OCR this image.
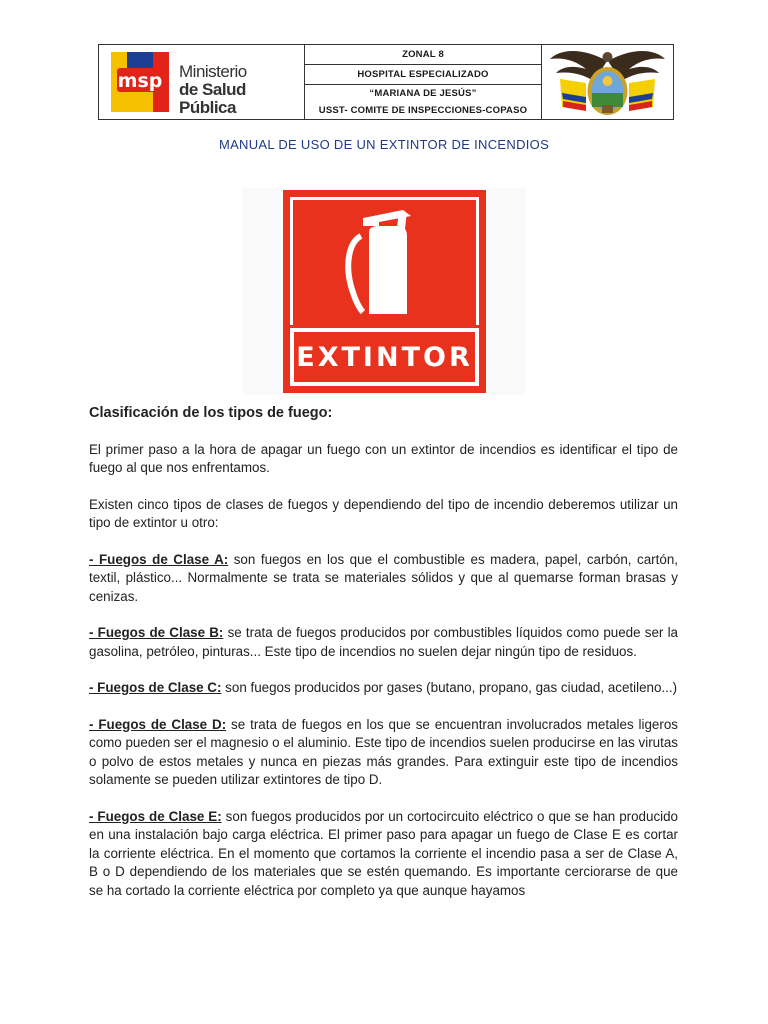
msp Ministerio
de Salud Pública
ZONAL 8
HOSPITAL ESPECIALIZADO
“MARIANA DE JESÚS”
USST- COMITE DE INSPECCIONES-COPASO
MANUAL DE USO DE UN EXTINTOR DE INCENDIOS
EXTINTOR

Clasificación de los tipos de fuego:

El primer paso a la hora de apagar un fuego con un extintor de incendios es identificar el tipo de fuego al que nos enfrentamos.

Existen cinco tipos de clases de fuegos y dependiendo del tipo de incendio deberemos utilizar un tipo de extintor u otro:

- Fuegos de Clase A: son fuegos en los que el combustible es madera, papel, carbón, cartón, textil, plástico... Normalmente se trata se materiales sólidos y que al quemarse forman brasas y cenizas.

- Fuegos de Clase B: se trata de fuegos producidos por combustibles líquidos como puede ser la gasolina, petróleo, pinturas... Este tipo de incendios no suelen dejar ningún tipo de residuos.

- Fuegos de Clase C: son fuegos producidos por gases (butano, propano, gas ciudad, acetileno...)

- Fuegos de Clase D: se trata de fuegos en los que se encuentran involucrados metales ligeros como pueden ser el magnesio o el aluminio. Este tipo de incendios suelen producirse en las virutas o polvo de estos metales y nunca en piezas más grandes. Para extinguir este tipo de incendios solamente se pueden utilizar extintores de tipo D.

- Fuegos de Clase E: son fuegos producidos por un cortocircuito eléctrico o que se han producido en una instalación bajo carga eléctrica. El primer paso para apagar un fuego de Clase E es cortar la corriente eléctrica. En el momento que cortamos la corriente el incendio pasa a ser de Clase A, B o D dependiendo de los materiales que se estén quemando. Es importante cerciorarse de que se ha cortado la corriente eléctrica por completo ya que aunque hayamos
